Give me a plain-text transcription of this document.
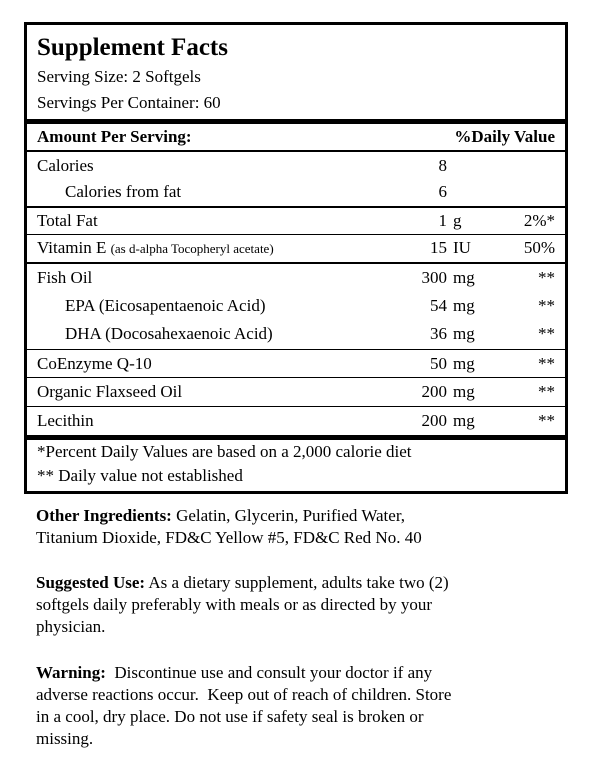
Supplement Facts
Serving Size: 2 Softgels
Servings Per Container: 60
Amount Per Serving:	%Daily Value
Calories	8
Calories from fat	6
Total Fat	1 g	2%*
Vitamin E (as d-alpha Tocopheryl acetate)	15 IU	50%
Fish Oil	300 mg	**
EPA (Eicosapentaenoic Acid)	54 mg	**
DHA (Docosahexaenoic Acid)	36 mg	**
CoEnzyme Q-10	50 mg	**
Organic Flaxseed Oil	200 mg	**
Lecithin	200 mg	**
*Percent Daily Values are based on a 2,000 calorie diet
** Daily value not established
Other Ingredients: Gelatin, Glycerin, Purified Water,
Titanium Dioxide, FD&C Yellow #5, FD&C Red No. 40
Suggested Use: As a dietary supplement, adults take two (2)
softgels daily preferably with meals or as directed by your
physician.
Warning: Discontinue use and consult your doctor if any
adverse reactions occur.  Keep out of reach of children. Store
in a cool, dry place. Do not use if safety seal is broken or
missing.
